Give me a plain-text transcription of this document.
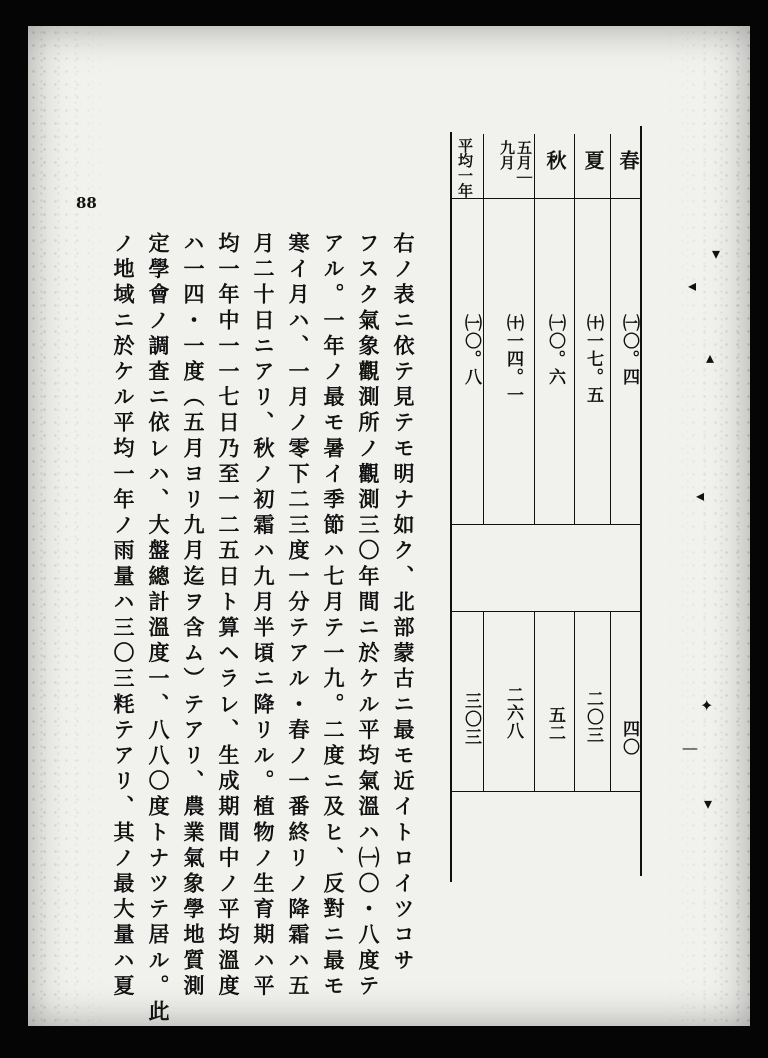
春
夏
秋
五月｜九月
平均一年
㈠〇。四
㈩一七。五
㈠〇。六
㈩一四。一
㈠〇。八
四〇
二〇三
五二
二六八
三〇三
右ノ表ニ依テ見テモ明ナ如ク、北部蒙古ニ最モ近イトロイツコサ
フスク氣象觀測所ノ觀測三〇年間ニ於ケル平均氣溫ハ㈠〇・八度テ
アル。一年ノ最モ暑イ季節ハ七月テ一九。二度ニ及ヒ、反對ニ最モ
寒イ月ハ、一月ノ零下二三度一分テアル・春ノ一番終リノ降霜ハ五
月二十日ニアリ、秋ノ初霜ハ九月半頃ニ降リル。植物ノ生育期ハ平
均一年中一一七日乃至一二五日ト算ヘラレ、生成期間中ノ平均溫度
ハ一四・一度（五月ヨリ九月迄ヲ含ム）テアリ、農業氣象學地質測
定學會ノ調査ニ依レハ、大盤總計溫度一、八八〇度トナツテ居ル。此
ノ地域ニ於ケル平均一年ノ雨量ハ三〇三粍テアリ、其ノ最大量ハ夏
88
▾
◂
▴
◂
✦
—
▾
